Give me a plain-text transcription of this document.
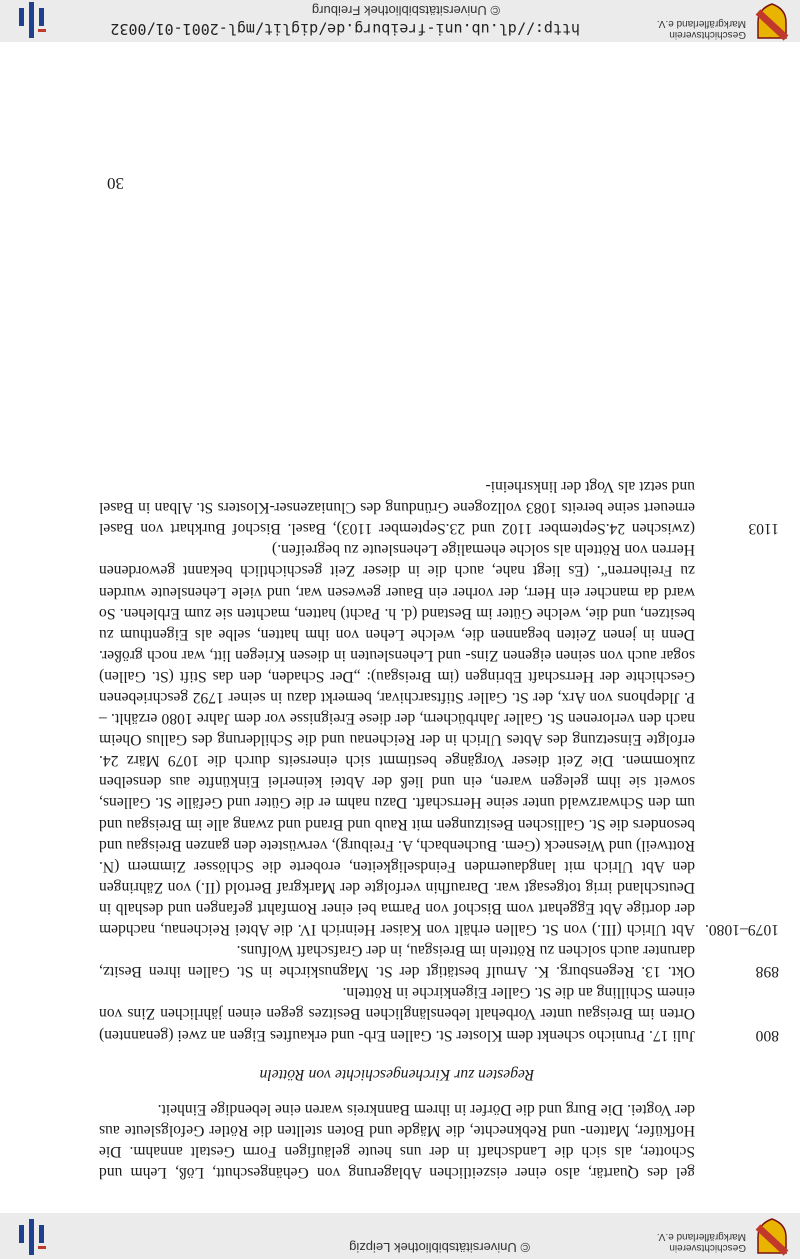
Geschichtsverein
Markgräflerland e.V.
© Universitätsbibliothek Leipzig

gel des Quartär, also einer eiszeitlichen Ablagerung von Gehängeschutt, Löß, Lehm und Schotter, als sich die Landschaft in der uns heute geläufigen Form Gestalt annahm. Die Hofküfer, Matten- und Rebknechte, die Mägde und Boten stellten die Rötler Gefolgsleute aus der Vogtei. Die Burg und die Dörfer in ihrem Bannkreis waren eine lebendige Einheit.

Regesten zur Kirchengeschichte von Rötteln

800
Juli 17. Prunicho schenkt dem Kloster St. Gallen Erb- und erkauftes Eigen an zwei (genannten) Orten im Breisgau unter Vorbehalt lebenslänglichen Besitzes gegen einen jährlichen Zins von einem Schilling an die St. Galler Eigenkirche in Rötteln.
898
Okt. 13. Regensburg. K. Arnulf bestätigt der St. Magnuskirche in St. Gallen ihren Besitz, darunter auch solchen zu Rötteln im Breisgau, in der Grafschaft Wolfuns.
1079–1080.
Abt Ulrich (III.) von St. Gallen erhält von Kaiser Heinrich IV. die Abtei Reichenau, nachdem der dortige Abt Eggehart vom Bischof von Parma bei einer Romfahrt gefangen und deshalb in Deutschland irrig totgesagt war. Daraufhin verfolgte der Markgraf Bertold (II.) von Zähringen den Abt Ulrich mit langdauernden Feindseligkeiten, eroberte die Schlösser Zimmern (N. Rottweil) und Wiesneck (Gem. Buchenbach, A. Freiburg), verwüstete den ganzen Breisgau und besonders die St. Gallischen Besitzungen mit Raub und Brand und zwang alle im Breisgau und um den Schwarzwald unter seine Herrschaft. Dazu nahm er die Güter und Gefälle St. Gallens, soweit sie ihm gelegen waren, ein und ließ der Abtei keinerlei Einkünfte aus denselben zukommen. Die Zeit dieser Vorgänge bestimmt sich einerseits durch die 1079 März 24. erfolgte Einsetzung des Abtes Ulrich in der Reichenau und die Schilderung des Gallus Oheim nach den verlorenen St. Galler Jahrbüchern, der diese Ereignisse vor dem Jahre 1080 erzählt. – P. Jldephons von Arx, der St. Galler Stiftsarchivar, bemerkt dazu in seiner 1792 geschriebenen Geschichte der Herrschaft Ebringen (im Breisgau): „Der Schaden, den das Stift (St. Gallen) sogar auch von seinen eigenen Zins- und Lehensleuten in diesen Kriegen litt, war noch größer. Denn in jenen Zeiten begannen die, welche Lehen von ihm hatten, selbe als Eigenthum zu besitzen, und die, welche Güter im Bestand (d. h. Pacht) hatten, machten sie zum Erblehen. So ward da mancher ein Herr, der vorher ein Bauer gewesen war, und viele Lehensleute wurden zu Freiherren“. (Es liegt nahe, auch die in dieser Zeit geschichtlich bekannt gewordenen Herren von Rötteln als solche ehemalige Lehensleute zu begreifen.)
1103
(zwischen 24.September 1102 und 23.September 1103), Basel. Bischof Burkhart von Basel erneuert seine bereits 1083 vollzogene Gründung des Cluniazenser-Klosters St. Alban in Basel und setzt als Vogt der linksrheini-
30
Geschichtsverein
Markgräflerland e.V.
http://dl.ub.uni-freiburg.de/diglit/mgl-2001-01/0032
© Universitätsbibliothek Freiburg
